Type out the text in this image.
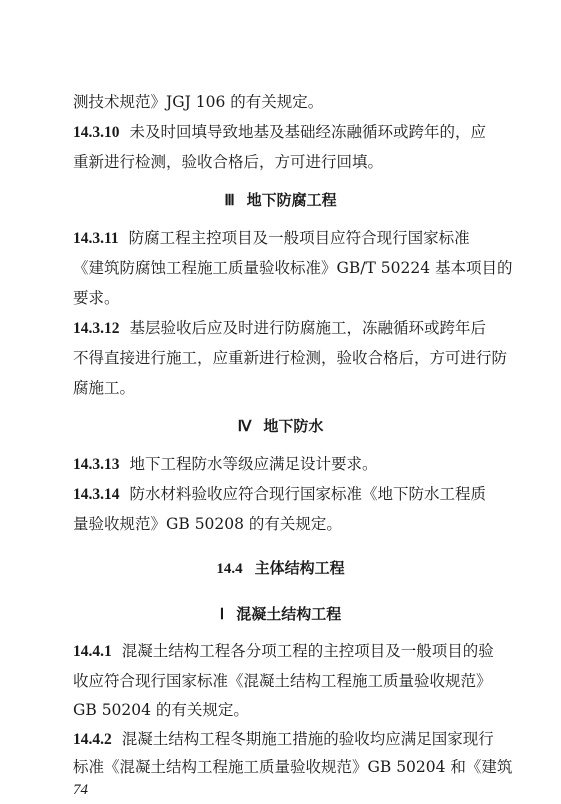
测技术规范》JGJ 106 的有关规定。
14.3.10 未及时回填导致地基及基础经冻融循环或跨年的，应
重新进行检测，验收合格后，方可进行回填。
Ⅲ 地下防腐工程
14.3.11 防腐工程主控项目及一般项目应符合现行国家标准
《建筑防腐蚀工程施工质量验收标准》GB/T 50224 基本项目的
要求。
14.3.12 基层验收后应及时进行防腐施工，冻融循环或跨年后
不得直接进行施工，应重新进行检测，验收合格后，方可进行防
腐施工。
Ⅳ 地下防水
14.3.13 地下工程防水等级应满足设计要求。
14.3.14 防水材料验收应符合现行国家标准《地下防水工程质
量验收规范》GB 50208 的有关规定。
14.4 主体结构工程
Ⅰ 混凝土结构工程
14.4.1 混凝土结构工程各分项工程的主控项目及一般项目的验
收应符合现行国家标准《混凝土结构工程施工质量验收规范》
GB 50204 的有关规定。
14.4.2 混凝土结构工程冬期施工措施的验收均应满足国家现行
标准《混凝土结构工程施工质量验收规范》GB 50204 和《建筑
74
